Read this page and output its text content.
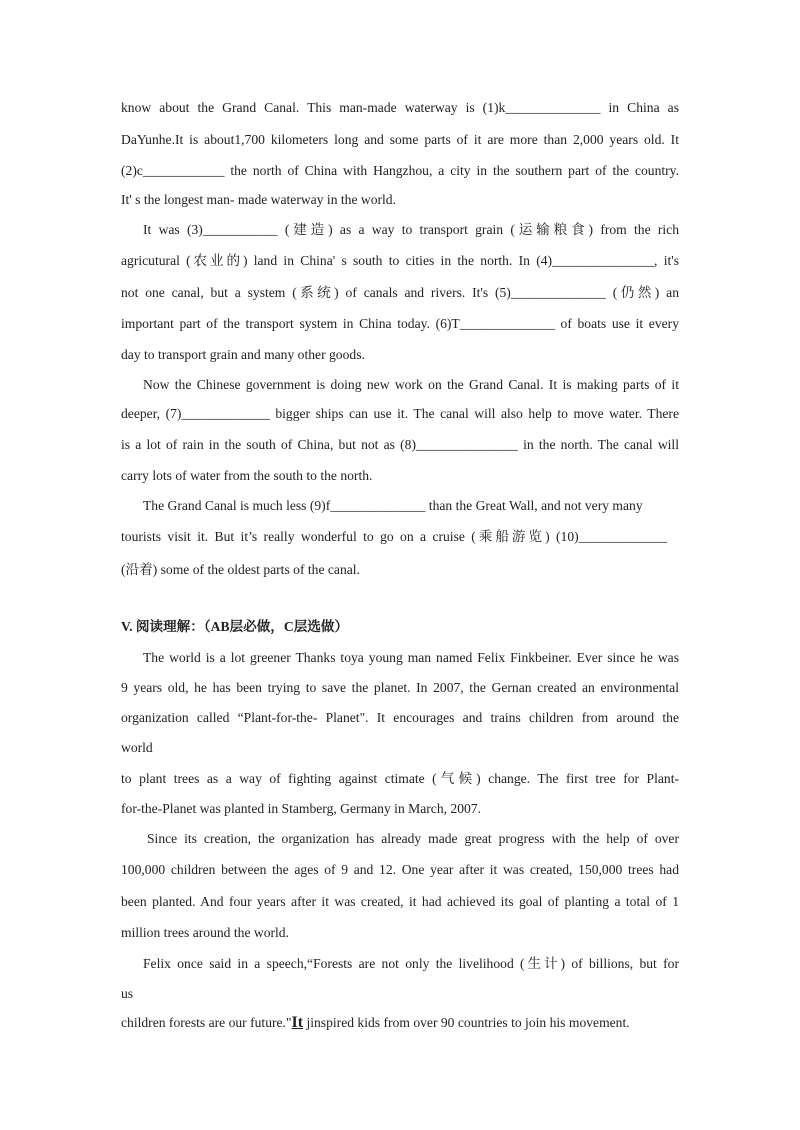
know about the Grand Canal. This man-made waterway is (1)k______________ in China as
DaYunhe.It is about1,700 kilometers long and some parts of it are more than 2,000 years old. It
(2)c____________ the north of China with Hangzhou, a city in the southern part of the country.
It' s the longest man- made waterway in the world.
It was (3)___________ (建造) as a way to transport grain (运输粮食) from the rich
agricutural (农业的) land in China' s south to cities in the north. In (4)_______________, it's
not one canal, but a system (系统) of canals and rivers. It's (5)______________ (仍然) an
important part of the transport system in China today. (6)T______________ of boats use it every
day to transport grain and many other goods.
Now the Chinese government is doing new work on the Grand Canal. It is making parts of it
deeper, (7)_____________ bigger ships can use it. The canal will also help to move water. There
is a lot of rain in the south of China, but not as (8)_______________ in the north. The canal will
carry lots of water from the south to the north.
The Grand Canal is much less (9)f______________ than the Great Wall, and not very many
tourists visit it. But it’s really wonderful to go on a cruise (乘船游览) (10)_____________
(沿着) some of the oldest parts of the canal.
V. 阅读理解：（AB层必做，C层选做）
The world is a lot greener Thanks toya young man named Felix Finkbeiner. Ever since he was
9 years old, he has been trying to save the planet. In 2007, the Gernan created an environmental
organization called “Plant-for-the- Planet". It encourages and trains children from around the
world
to plant trees as a way of fighting against ctimate (气候) change. The first tree for Plant-
for-the-Planet was planted in Stamberg, Germany in March, 2007.
Since its creation, the organization has already made great progress with the help of over
100,000 children between the ages of 9 and 12. One year after it was created, 150,000 trees had
been planted. And four years after it was created, it had achieved its goal of planting a total of 1
million trees around the world.
Felix once said in a speech,“Forests are not only the livelihood (生计) of billions, but for
us
children forests are our future."It jinspired kids from over 90 countries to join his movement.
